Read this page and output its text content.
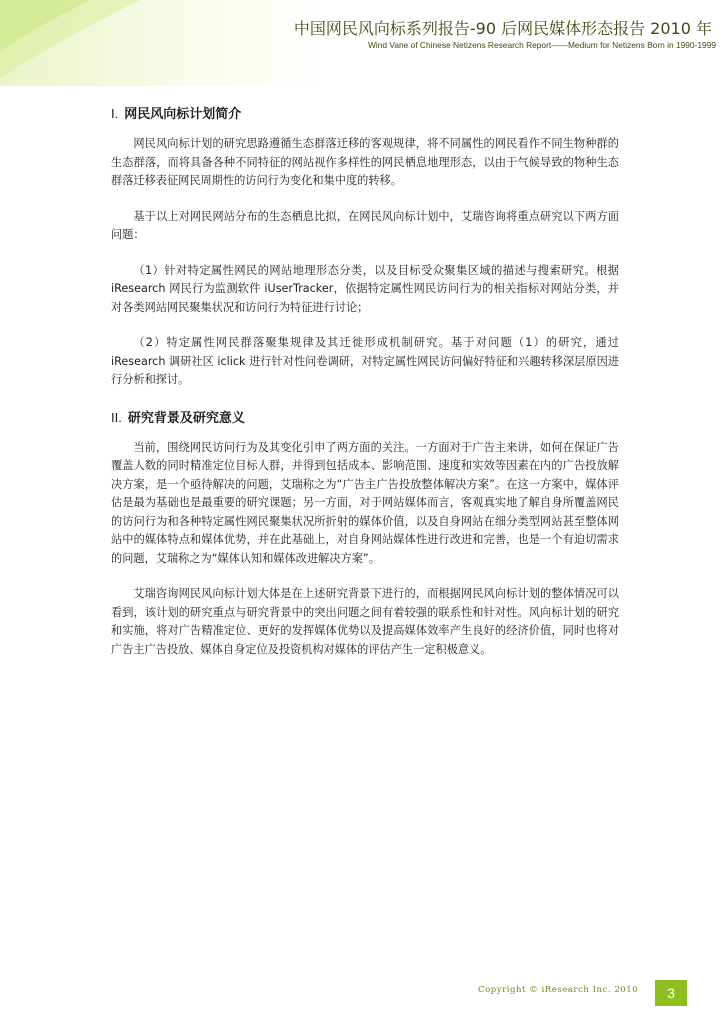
中国网民风向标系列报告-90 后网民媒体形态报告 2010 年
Wind Vane of Chinese Netizens Research Report——Medium for Netizens Born in 1990-1999
I. 网民风向标计划简介

网民风向标计划的研究思路遵循生态群落迁移的客观规律，将不同属性的网民看作不同生物种群的生态群落，而将具备各种不同特征的网站视作多样性的网民栖息地理形态，以由于气候导致的物种生态群落迁移表征网民周期性的访问行为变化和集中度的转移。

基于以上对网民网站分布的生态栖息比拟，在网民风向标计划中，艾瑞咨询将重点研究以下两方面问题：

（1）针对特定属性网民的网站地理形态分类，以及目标受众聚集区域的描述与搜索研究。根据 iResearch 网民行为监测软件 iUserTracker，依据特定属性网民访问行为的相关指标对网站分类，并对各类网站网民聚集状况和访问行为特征进行讨论；

（2）特定属性网民群落聚集规律及其迁徙形成机制研究。基于对问题（1）的研究，通过 iResearch 调研社区 iclick 进行针对性问卷调研，对特定属性网民访问偏好特征和兴趣转移深层原因进行分析和探讨。

II. 研究背景及研究意义

当前，围绕网民访问行为及其变化引申了两方面的关注。一方面对于广告主来讲，如何在保证广告覆盖人数的同时精准定位目标人群，并得到包括成本、影响范围、速度和实效等因素在内的广告投放解决方案，是一个亟待解决的问题，艾瑞称之为“广告主广告投放整体解决方案”。在这一方案中，媒体评估是最为基础也是最重要的研究课题；另一方面，对于网站媒体而言，客观真实地了解自身所覆盖网民的访问行为和各种特定属性网民聚集状况所折射的媒体价值，以及自身网站在细分类型网站甚至整体网站中的媒体特点和媒体优势，并在此基础上，对自身网站媒体性进行改进和完善，也是一个有迫切需求的问题，艾瑞称之为“媒体认知和媒体改进解决方案”。

艾瑞咨询网民风向标计划大体是在上述研究背景下进行的，而根据网民风向标计划的整体情况可以看到，该计划的研究重点与研究背景中的突出问题之间有着较强的联系性和针对性。风向标计划的研究和实施，将对广告精准定位、更好的发挥媒体优势以及提高媒体效率产生良好的经济价值，同时也将对广告主广告投放、媒体自身定位及投资机构对媒体的评估产生一定积极意义。

Copyright © iResearch Inc. 2010	3
